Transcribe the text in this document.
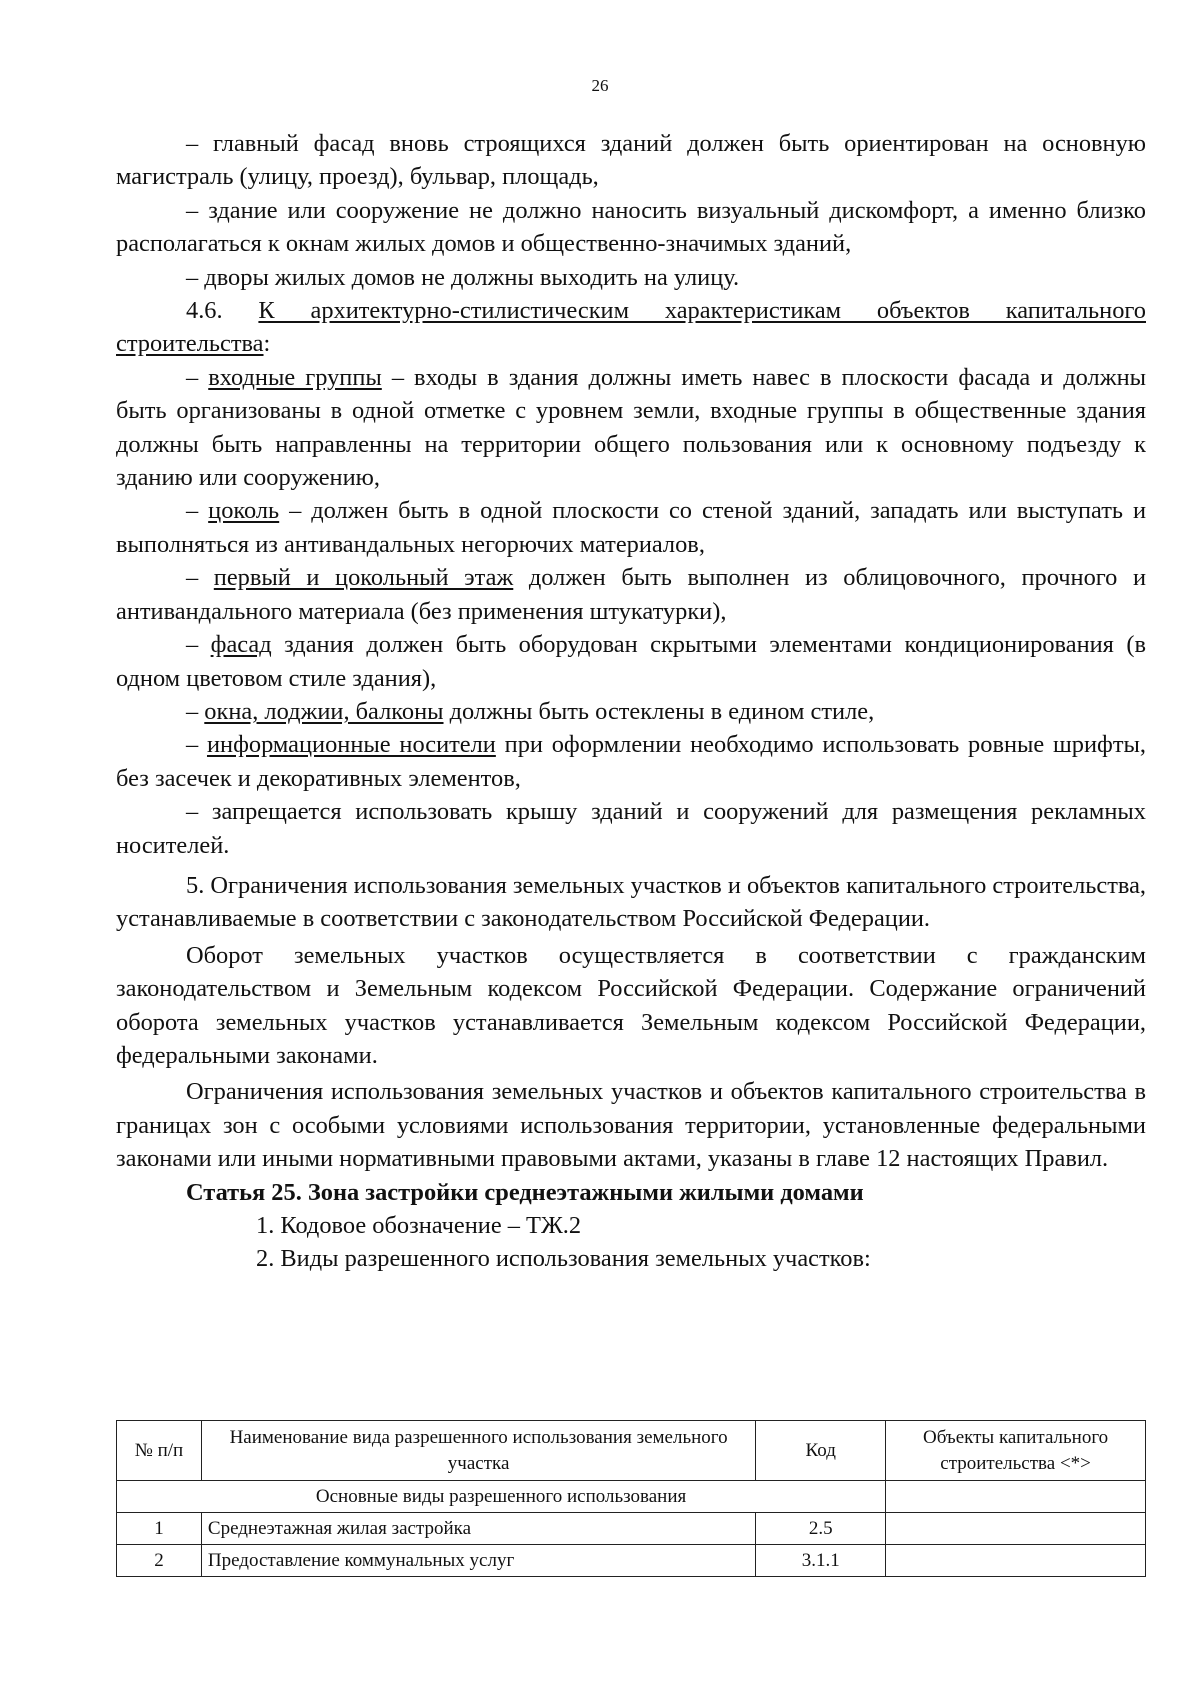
26

– главный фасад вновь строящихся зданий должен быть ориентирован на основную магистраль (улицу, проезд), бульвар, площадь,

– здание или сооружение не должно наносить визуальный дискомфорт, а именно близко располагаться к окнам жилых домов и общественно-значимых зданий,

– дворы жилых домов не должны выходить на улицу.

4.6. К архитектурно-стилистическим характеристикам объектов капитального строительства:

– входные группы – входы в здания должны иметь навес в плоскости фасада и должны быть организованы в одной отметке с уровнем земли, входные группы в общественные здания должны быть направленны на территории общего пользования или к основному подъезду к зданию или сооружению,

– цоколь – должен быть в одной плоскости со стеной зданий, западать или выступать и выполняться из антивандальных негорючих материалов,

– первый и цокольный этаж должен быть выполнен из облицовочного, прочного и антивандального материала (без применения штукатурки),

– фасад здания должен быть оборудован скрытыми элементами кондиционирования (в одном цветовом стиле здания),

– окна, лоджии, балконы должны быть остеклены в едином стиле,

– информационные носители при оформлении необходимо использовать ровные шрифты, без засечек и декоративных элементов,

– запрещается использовать крышу зданий и сооружений для размещения рекламных носителей.

5. Ограничения использования земельных участков и объектов капитального строительства, устанавливаемые в соответствии с законодательством Российской Федерации.

Оборот земельных участков осуществляется в соответствии с гражданским законодательством и Земельным кодексом Российской Федерации. Содержание ограничений оборота земельных участков устанавливается Земельным кодексом Российской Федерации, федеральными законами.

Ограничения использования земельных участков и объектов капитального строительства в границах зон с особыми условиями использования территории, установленные федеральными законами или иными нормативными правовыми актами, указаны в главе 12 настоящих Правил.

Статья 25. Зона застройки среднеэтажными жилыми домами

1. Кодовое обозначение – ТЖ.2

2. Виды разрешенного использования земельных участков:

№ п/п	Наименование вида разрешенного использования земельного участка	Код	Объекты капитального строительства <*>
Основные виды разрешенного использования			
1	Среднеэтажная жилая застройка	2.5	
2	Предоставление коммунальных услуг	3.1.1	
